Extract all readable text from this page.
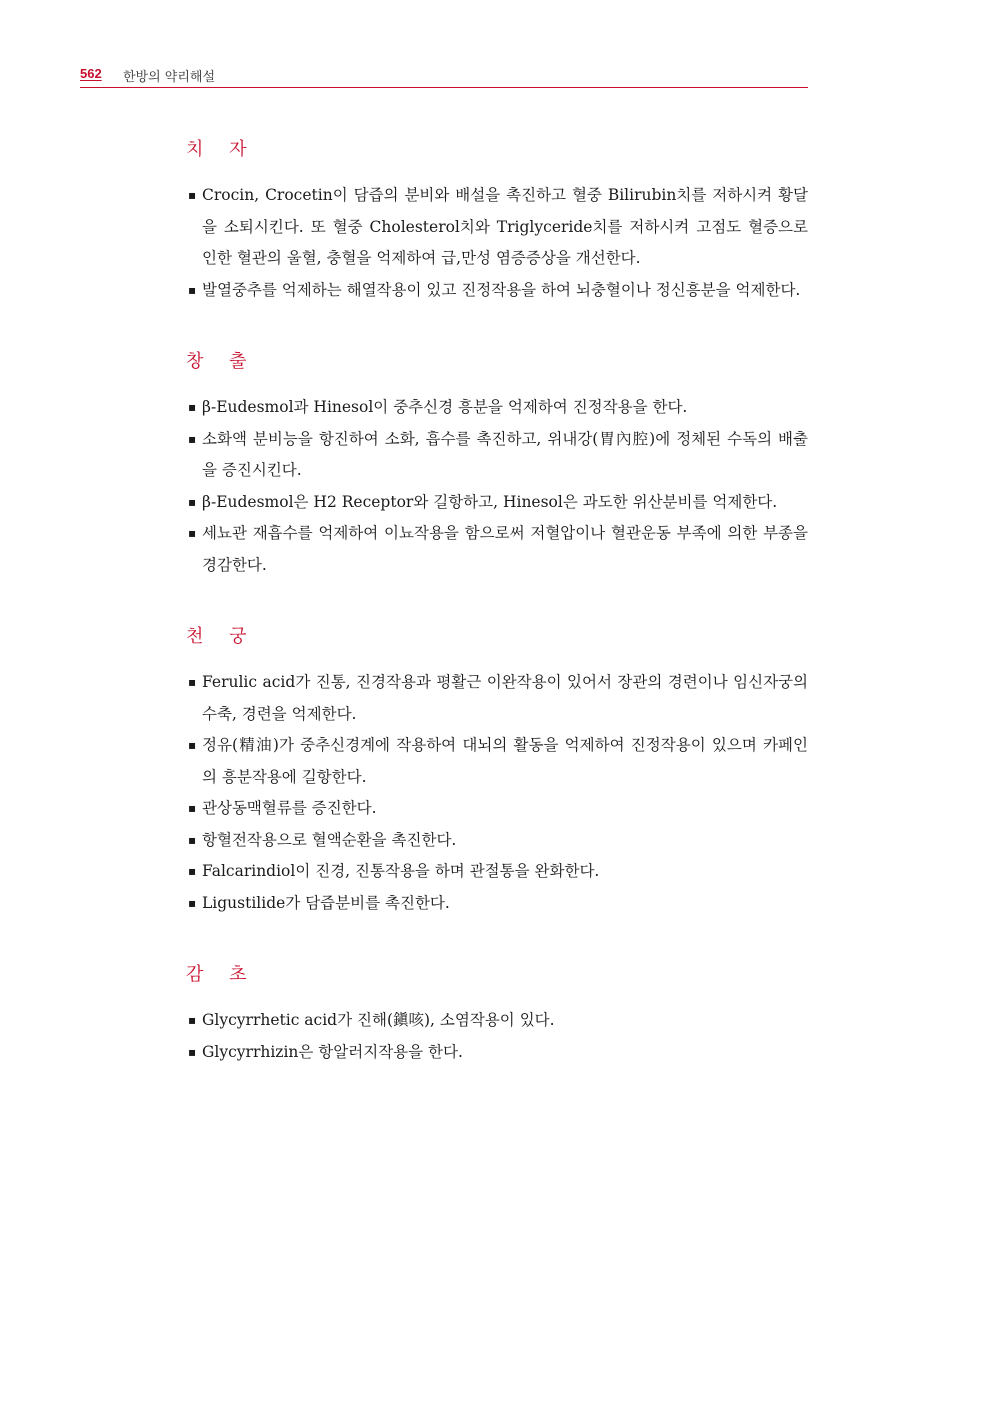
562 한방의 약리해설
치 자
▪ Crocin, Crocetin이 담즙의 분비와 배설을 촉진하고 혈중 Bilirubin치를 저하시켜 황달을 소퇴시킨다. 또 혈중 Cholesterol치와 Triglyceride치를 저하시켜 고점도 혈증으로 인한 혈관의 울혈, 충혈을 억제하여 급,만성 염증증상을 개선한다.
▪ 발열중추를 억제하는 해열작용이 있고 진정작용을 하여 뇌충혈이나 정신흥분을 억제한다.
창 출
▪ β-Eudesmol과 Hinesol이 중추신경 흥분을 억제하여 진정작용을 한다.
▪ 소화액 분비능을 항진하여 소화, 흡수를 촉진하고, 위내강(胃內腔)에 정체된 수독의 배출을 증진시킨다.
▪ β-Eudesmol은 H2 Receptor와 길항하고, Hinesol은 과도한 위산분비를 억제한다.
▪ 세뇨관 재흡수를 억제하여 이뇨작용을 함으로써 저혈압이나 혈관운동 부족에 의한 부종을 경감한다.
천 궁
▪ Ferulic acid가 진통, 진경작용과 평활근 이완작용이 있어서 장관의 경련이나 임신자궁의 수축, 경련을 억제한다.
▪ 정유(精油)가 중추신경계에 작용하여 대뇌의 활동을 억제하여 진정작용이 있으며 카페인의 흥분작용에 길항한다.
▪ 관상동맥혈류를 증진한다.
▪ 항혈전작용으로 혈액순환을 촉진한다.
▪ Falcarindiol이 진경, 진통작용을 하며 관절통을 완화한다.
▪ Ligustilide가 담즙분비를 촉진한다.
감 초
▪ Glycyrrhetic acid가 진해(鎭咳), 소염작용이 있다.
▪ Glycyrrhizin은 항알러지작용을 한다.
